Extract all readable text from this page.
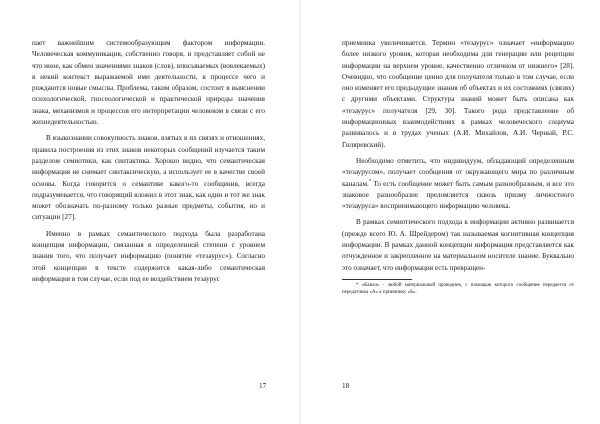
пает важнейшим системообразующим фактором информации. Человеческая коммуникация, собственно говоря, и представляет собой не что иное, как обмен значениями знаков (слов), вписываемых (вовлекаемых) в некий контекст выражаемой ими деятельности, в процессе чего и рождаются новые смыслы. Проблема, таким образом, состоит в выяснении психологической, гносеологической и практической природы значения знака, механизмов и процессов его интерпретации человеком в связи с его жизнедеятельностью.

В языкознании совокупность знаков, взятых в их связях и отношениях, правила построения из этих знаков некоторых сообщений изучается таким разделом семиотики, как синтактика. Хорошо видно, что семантическая информация не снимает синтаксическую, а использует ее в качестве своей основы. Когда говорится о семантике какого-то сообщения, всегда подразумевается, что говорящий вложил в этот знак, как один и тот же знак может обозначать по-разному только разные предметы, события, но и ситуации [27].

Именно в рамках семантического подхода была разработана концепция информации, связанная в определенной степени с уровнем знания того, что получает информацию (понятие «тезаурус»). Согласно этой концепции в тексте содержится какая-либо семантическая информация в том случае, если под ее воздействием тезаурус

17

приемника увеличивается. Термин «тезаурус» означает «информацию более низкого уровня, которая необходима для генерации или рецепции информации на верхнем уровне, качественно отличном от нижнего» [28]. Очевидно, что сообщение ценно для получателя только в том случае, если оно изменяет его предыдущие знания об объектах и их состояниях (связях) с другими объектами. Структура знаний может быть описана как «тезаурус» получателя [29, 30]. Такого рода представление об информационных взаимодействиях в рамках человеческого социума развивалось и в трудах ученых (А.И. Михайлов, А.И. Черный, Р.С. Гиляревский).

Необходимо отметить, что индивидуум, обладающий определенным «тезаурусом», получает сообщения от окружающего мира по различным каналам.* То есть сообщение может быть самым разнообразным, и все это знаковое разнообразие преломляется сквозь призму личностного «тезауруса» воспринимающего информацию человека.

В рамках семиотического подхода к информации активно развивается (прежде всего Ю. А. Шрейдером) так называемая когнитивная концепция информации. В рамках данной концепции информация представляется как отчужденное и закрепленное на материальном носителе знание. Буквально это означает, что информация есть превращен-

* «Канал» - любой материальный проводник, с помощью которого сообщение передается от передатчика «А» к приемнику «Б».

18
